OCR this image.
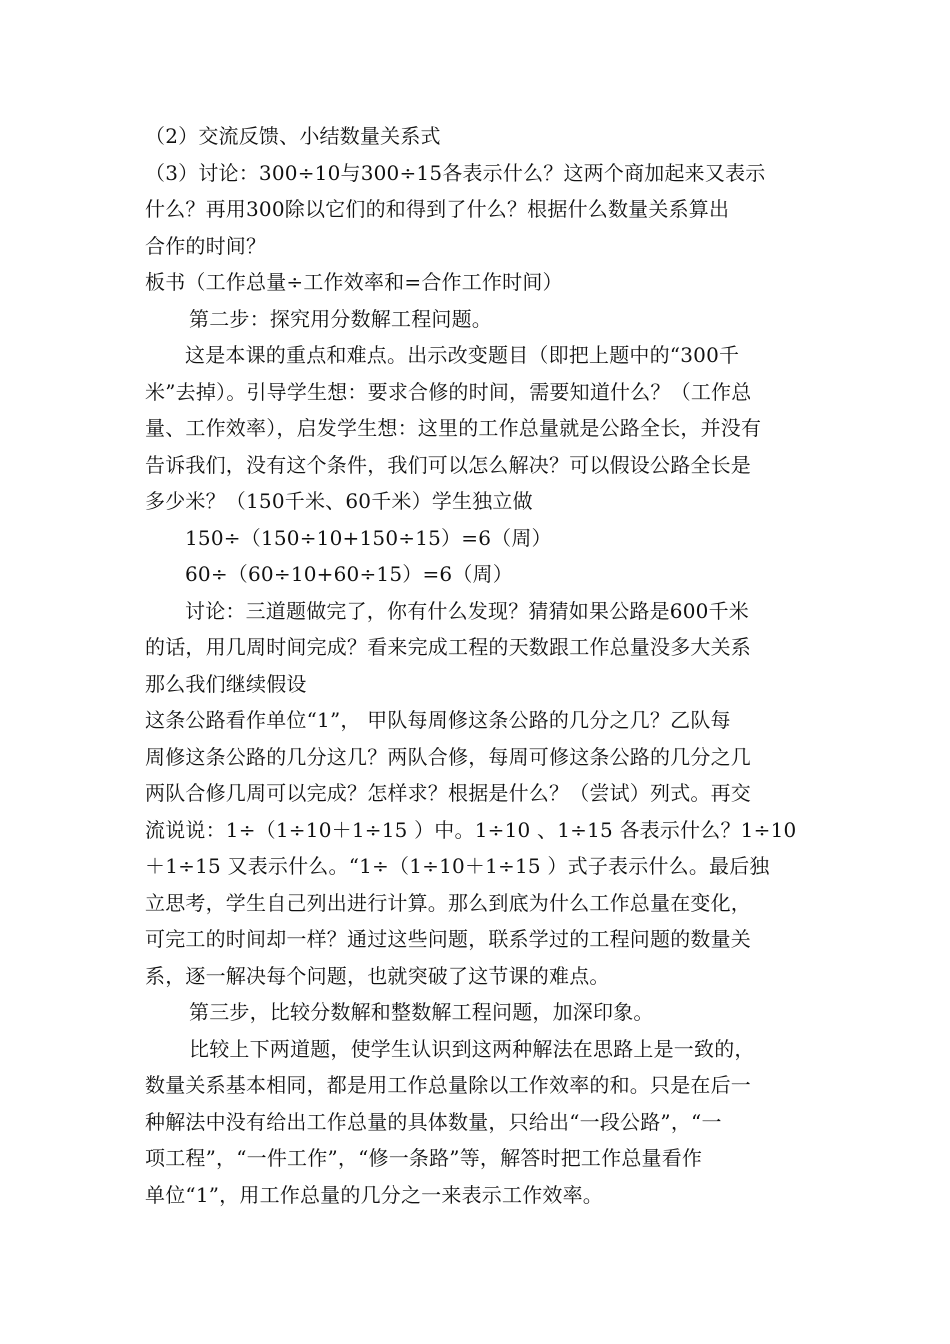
（2）交流反馈、小结数量关系式
（3）讨论：300÷10与300÷15各表示什么？这两个商加起来又表示
什么？再用300除以它们的和得到了什么？根据什么数量关系算出
合作的时间？
板书（工作总量÷工作效率和=合作工作时间）
第二步：探究用分数解工程问题。
这是本课的重点和难点。出示改变题目（即把上题中的“300千
米”去掉）。引导学生想：要求合修的时间，需要知道什么？（工作总
量、工作效率），启发学生想：这里的工作总量就是公路全长，并没有
告诉我们，没有这个条件，我们可以怎么解决？可以假设公路全长是
多少米？（150千米、60千米）学生独立做
150÷（150÷10+150÷15）=6（周）
60÷（60÷10+60÷15）=6（周）
讨论：三道题做完了，你有什么发现？猜猜如果公路是600千米
的话，用几周时间完成？看来完成工程的天数跟工作总量没多大关系
那么我们继续假设
这条公路看作单位“1”， 甲队每周修这条公路的几分之几？乙队每
周修这条公路的几分这几？两队合修，每周可修这条公路的几分之几
两队合修几周可以完成？怎样求？根据是什么？（尝试）列式。再交
流说说：1÷（1÷10＋1÷15 ）中。1÷10 、1÷15 各表示什么？1÷10
＋1÷15 又表示什么。“1÷（1÷10＋1÷15 ）式子表示什么。最后独
立思考，学生自己列出进行计算。那么到底为什么工作总量在变化，
可完工的时间却一样？通过这些问题，联系学过的工程问题的数量关
系，逐一解决每个问题，也就突破了这节课的难点。
第三步，比较分数解和整数解工程问题，加深印象。
比较上下两道题，使学生认识到这两种解法在思路上是一致的，
数量关系基本相同，都是用工作总量除以工作效率的和。只是在后一
种解法中没有给出工作总量的具体数量，只给出“一段公路”，“一
项工程”，“一件工作”，“修一条路”等，解答时把工作总量看作
单位“1”，用工作总量的几分之一来表示工作效率。
